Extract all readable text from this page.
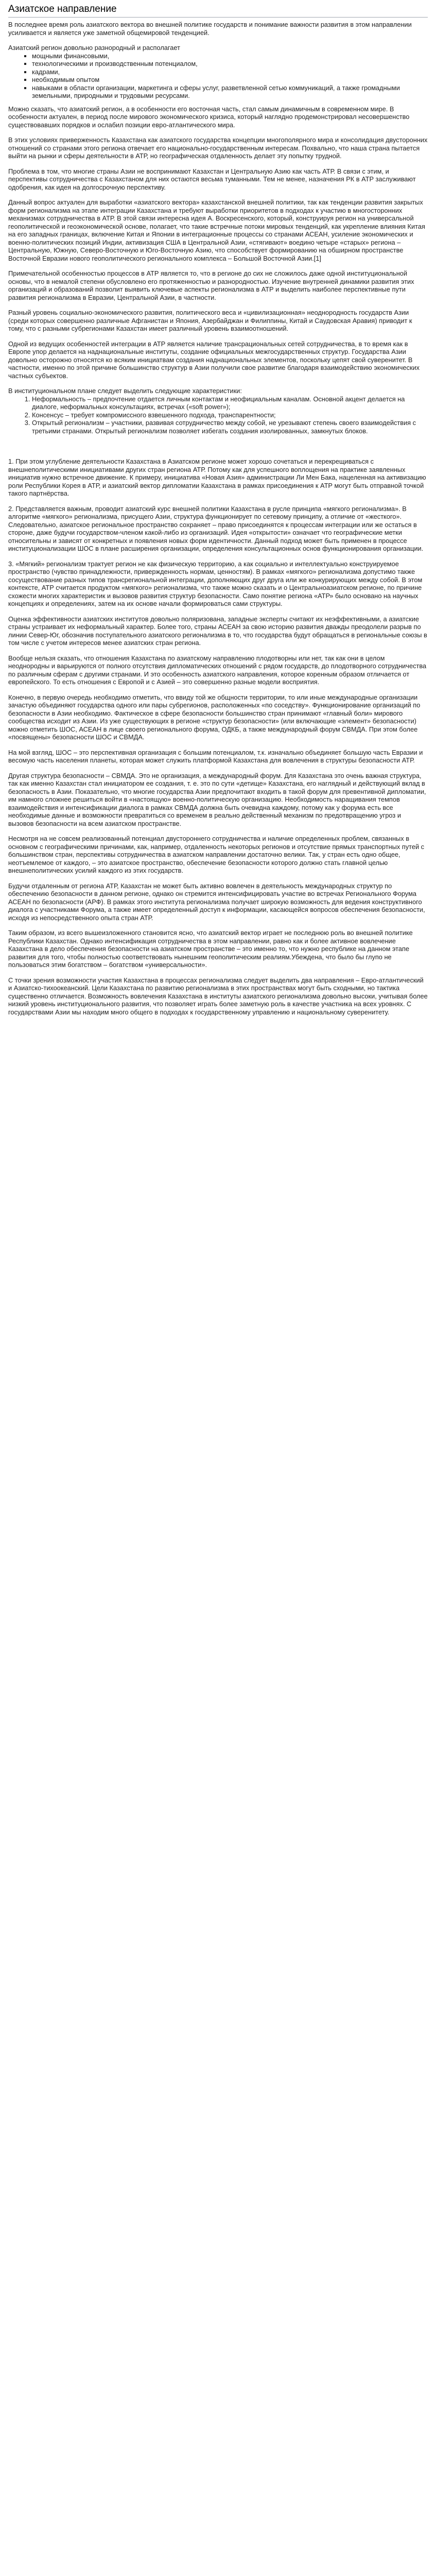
Азиатское направление

В последнее время роль азиатского вектора во внешней политике государств и понимание важности развития в этом направлении усиливается и является уже заметной общемировой тенденцией.

Азиатский регион довольно разнородный и располагает

▪ мощными финансовыми,
▪ технологическими и производственным потенциалом,
▪ кадрами,
▪ необходимым опытом
▪ навыками в области организации, маркетинга и сферы услуг, разветвленной сетью коммуникаций, а также громадными земельными, природными и трудовыми ресурсами.

Можно сказать, что азиатский регион, а в особенности его восточная часть, стал самым динамичным в современном мире. В особенности актуален, в период после мирового экономического кризиса, который наглядно продемонстрировал несовершенство существовавших порядков и ослабил позиции евро-атлантического мира.

В этих условиях приверженность Казахстана как азиатского государства концепции многополярного мира и консолидация двусторонних отношений со странами этого региона отвечает его национально-государственным интересам. Похвально, что наша страна пытается выйти на рынки и сферы деятельности в АТР, но географическая отдаленность делает эту попытку трудной.

Проблема в том, что многие страны Азии не воспринимают Казахстан и Центральную Азию как часть АТР. В связи с этим, и перспективы сотрудничества с Казахстаном для них остаются весьма туманными. Тем не менее, назначения РК в АТР заслуживают одобрения, как идея на долгосрочную перспективу.

Данный вопрос актуален для выработки «азиатского вектора» казахстанской внешней политики, так как тенденции развития закрытых форм регионализма на этапе интеграции Казахстана и требуют выработки приоритетов в подходах к участию в многосторонних механизмах сотрудничества в АТР. В этой связи интересна идея А. Воскресенского, который, конструируя регион на универсальной геополитической и геоэкономической основе, полагает, что такие встречные потоки мировых тенденций, как укрепление влияния Китая на его западных границах, включение Китая и Японии в интеграционные процессы со странами АСЕАН, усиление экономических и военно-политических позиций Индии, активизация США в Центральной Азии, «стягивают» воедино четыре «старых» региона – Центральную, Южную, Северо-Восточную и Юго-Восточную Азию, что способствует формированию на обширном пространстве Восточной Евразии нового геополитического регионального комплекса – Большой Восточной Азии.[1]

Примечательной особенностью процессов в АТР является то, что в регионе до сих не сложилось даже одной институциональной основы, что в немалой степени обусловлено его протяженностью и разнородностью. Изучение внутренней динамики развития этих организаций и образований позволит выявить ключевые аспекты регионализма в АТР и выделить наиболее перспективные пути развития регионализма в Евразии, Центральной Азии, в частности.

Разный уровень социально-экономического развития, политического веса и «цивилизационная» неоднородность государств Азии (среди которых совершенно различные Афганистан и Япония, Азербайджан и Филиппины, Китай и Саудовская Аравия) приводит к тому, что с разными субрегионами Казахстан имеет различный уровень взаимоотношений.

Одной из ведущих особенностей интеграции в АТР является наличие трансрациональных сетей сотрудничества, в то время как в Европе упор делается на наднациональные институты, создание официальных межгосударственных структур. Государства Азии довольно осторожно относятся ко всяким инициатвам создания наднациональных элементов, поскольку цепят свой суверенитет. В частности, именно по этой причине большинство структур в Азии получили свое развитие благодаря взаимодействию экономических частных субъектов.

В институциональном плане следует выделить следующие характеристики:

1. Неформальность – предпочтение отдается личным контактам и неофициальным каналам. Основной акцент делается на диалоге, неформальных консультациях, встречах («soft power»);
2. Консенсус – требует компромиссного взвешенного подхода, транспарентности;
3. Открытый регионализм – участники, развивая сотрудничество между собой, не урезывают степень своего взаимодействия с третьими странами. Открытый регионализм позволяет избегать создания изолированных, замкнутых блоков.

1. При этом углубление деятельности Казахстана в Азиатском регионе может хорошо сочетаться и перекрещиваться с внешнеполитическими инициативами других стран региона АТР. Потому как для успешного воплощения на практике заявленных инициатив нужно встречное движение. К примеру, инициатива «Новая Азия» администрации Ли Мен Бака, нацеленная на активизацию роли Республики Корея в АТР, и азиатский вектор дипломатии Казахстана в рамках присоединения к АТР могут быть отправной точкой такого партнёрства.

2. Представляется важным, проводит азиатский курс внешней политики Казахстана в русле принципа «мягкого регионализма». В алгоритме «мягкого» регионализма, присущего Азии, структура функционирует по сетевому принципу, а отличие от «жесткого». Следовательно, азиатское региональное пространство сохраняет – право присоединятся к процессам интеграции или же остаться в стороне, даже будучи государством-членом какой-либо из организаций. Идея «открытости» означает что географические метки относительны и зависят от конкретных и появления новых форм идентичности. Данный подход может быть применен в процессе институционализации ШОС в плане расширения организации, определения консультационных основ функционирования организации.

3. «Мягкий» регионализм трактует регион не как физическую территорию, а как социально и интеллектуально конструируемое пространство (чувство принадлежности, привержденность нормам, ценностям). В рамках «мягкого» регионализма допустимо также сосуществование разных типов трансрегиональной интеграции, дополняющих друг друга или же конкурирующих между собой. В этом контексте, АТР считается продуктом «мягкого» регионализма, что также можно сказать и о Центральноазиатском регионе, по причине схожести многих характеристик и вызовов развития структур безопасности. Само понятие региона «АТР» было основано на научных концепциях и определениях, затем на их основе начали формироваться сами структуры.

Оценка эффективности азиатских институтов довольно поляризована, западные эксперты считают их неэффективными, а азиатские страны устраивает их неформальный характер. Более того, страны АСЕАН за свою историю развития дважды преодолели разрыв по линии Север-Юг, обозначив поступательного азиатского регионализма в то, что государства будут обращаться в региональные союзы в том числе с учетом интересов менее азиатских стран региона.

Вообще нельзя сказать, что отношения Казахстана по азиатскому направлению плодотворны или нет, так как они в целом неоднородны и варьируются от полного отсутствия дипломатических отношений с рядом государств, до плодотворного сотрудничества по различным сферам с другими странами. И это особенность азиатского направления, которое коренным образом отличается от европейского. То есть отношения с Европой и с Азией – это совершенно разные модели восприятия.

Конечно, в первую очередь необходимо отметить, что ввиду той же общности территории, то или иные международные организации зачастую объединяют государства одного или пары субрегионов, расположенных «по соседству». Функционирование организаций по безопасности в Азии необходимо. Фактическое в сфере безопасности большинство стран принимают «главный боли» мирового сообщества исходит из Азии. Из уже существующих в регионе «структур безопасности» (или включающие «элемент» безопасности) можно отметить ШОС, АСЕАН в лице своего регионального форума, ОДКБ, а также международный форум СВМДА. При этом более «посвящены» безопасности ШОС и СВМДА.

На мой взгляд, ШОС – это перспективная организация с большим потенциалом, т.к. изначально объединяет большую часть Евразии и весомую часть населения планеты, которая может служить платформой Казахстана для вовлечения в структуры безопасности АТР.

Другая структура безопасности – СВМДА. Это не организация, а международный форум. Для Казахстана это очень важная структура, так как именно Казахстан стал инициатором ее создания, т. е. это по сути «детище» Казахстана, его наглядный и действующий вклад в безопасность в Азии. Показательно, что многие государства Азии предпочитают входить в такой форум для превентивной дипломатии, им намного сложнее решиться войти в «настоящую» военно-политическую организацию. Необходимость наращивания темпов взаимодействия и интенсификации диалога в рамках СВМДА должна быть очевидна каждому, потому как у форума есть все необходимые данные и возможности превратиться со временем в реально действенный механизм по предотвращению угроз и вызовов безопасности на всем азиатском пространстве.

Несмотря на не совсем реализованный потенциал двустороннего сотрудничества и наличие определенных проблем, связанных в основном с географическими причинами, как, например, отдаленность некоторых регионов и отсутствие прямых транспортных путей с большинством стран, перспективы сотрудничества в азиатском направлении достаточно велики. Так, у стран есть одно общее, неотъемлемое от каждого, – это азиатское пространство, обеспечение безопасности которого должно стать главной целью внешнеполитических усилий каждого из этих государств.

Будучи отдаленным от региона АТР, Казахстан не может быть активно вовлечен в деятельность международных структур по обеспечению безопасности в данном регионе, однако он стремится интенсифицировать участие во встречах Регионального Форума АСЕАН по безопасности (АРФ). В рамках этого института регионализма получает широкую возможность для ведения конструктивного диалога с участниками Форума, а также имеет определенный доступ к информации, касающейся вопросов обеспечения безопасности, исходя из непосредственного опыта стран АТР.

Таким образом, из всего вышеизложенного становится ясно, что азиатский вектор играет не последнюю роль во внешней политике Республики Казахстан. Однако интенсификация сотрудничества в этом направлении, равно как и более активное вовлечение Казахстана в дело обеспечения безопасности на азиатском пространстве – это именно то, что нужно республике на данном этапе развития для того, чтобы полностью соответствовать нынешним геополитическим реалиям.Убеждена, что было бы глупо не пользоваться этим богатством – богатством «универсальности».

С точки зрения возможности участия Казахстана в процессах регионализма следует выделить два направления – Евро-атлантический и Азиатско-тихоокеанский. Цели Казахстана по развитию регионализма в этих пространствах могут быть сходными, но тактика существенно отличается. Возможность вовлечения Казахстана в институты азиатского регионализма довольно высоки, учитывая более низкий уровень институционального развития, что позволяет играть более заметную роль в качестве участника на всех уровнях. С государствами Азии мы находим много общего в подходах к государственному управлению и национальному суверенитету.
